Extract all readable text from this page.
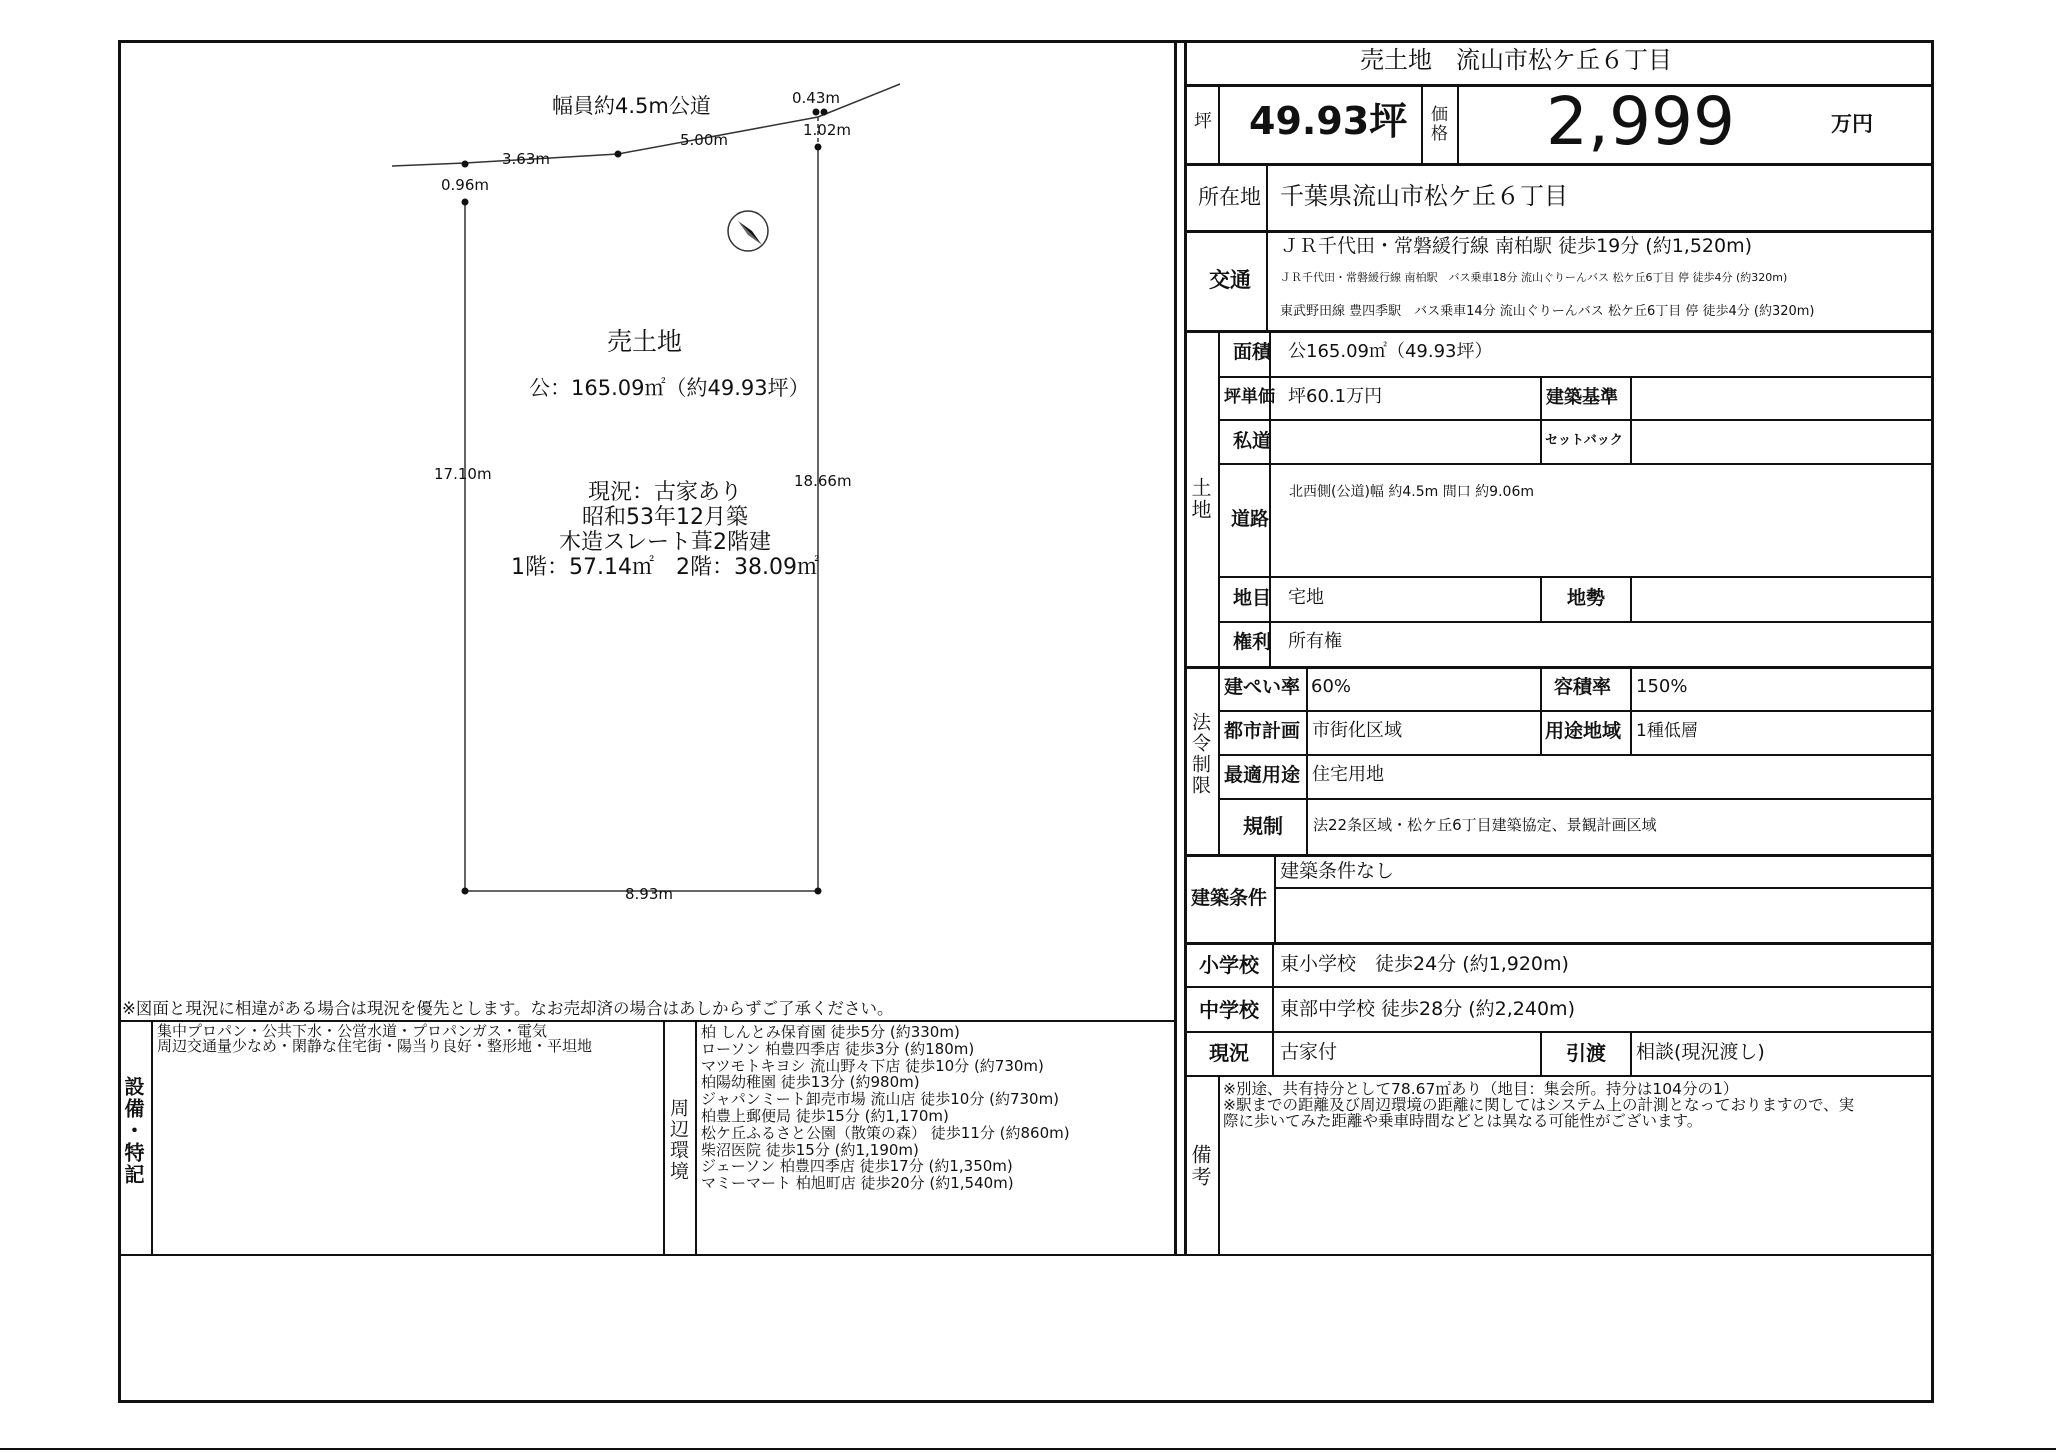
幅員約4.5m公道	0.43m
1.02m
3.63m
5.00m
0.96m
17.10m	18.66m
8.93m
売土地
公：165.09㎡（約49.93坪）
現況：古家あり
昭和53年12月築
木造スレート葺2階建
1階：57.14㎡　2階：38.09㎡
※図面と現況に相違がある場合は現況を優先とします。なお売却済の場合はあしからずご了承ください。
設備・特記
集中プロパン・公共下水・公営水道・プロパンガス・電気
周辺交通量少なめ・閑静な住宅街・陽当り良好・整形地・平坦地
周辺環境
柏 しんとみ保育園 徒歩5分 (約330m)
ローソン 柏豊四季店 徒歩3分 (約180m)
マツモトキヨシ 流山野々下店 徒歩10分 (約730m)
柏陽幼稚園 徒歩13分 (約980m)
ジャパンミート卸売市場 流山店 徒歩10分 (約730m)
柏豊上郵便局 徒歩15分 (約1,170m)
松ケ丘ふるさと公園（散策の森） 徒歩11分 (約860m)
柴沼医院 徒歩15分 (約1,190m)
ジェーソン 柏豊四季店 徒歩17分 (約1,350m)
マミーマート 柏旭町店 徒歩20分 (約1,540m)
売土地　流山市松ケ丘６丁目
坪 49.93坪 価格 2,999	万円
所在地 千葉県流山市松ケ丘６丁目
交通
ＪＲ千代田・常磐緩行線 南柏駅 徒歩19分 (約1,520m)
ＪＲ千代田・常磐緩行線 南柏駅　バス乗車18分 流山ぐりーんバス 松ケ丘6丁目 停 徒歩4分 (約320m)
東武野田線 豊四季駅　バス乗車14分 流山ぐりーんバス 松ケ丘6丁目 停 徒歩4分 (約320m)
土地
面積 公165.09㎡（49.93坪）
坪単価 坪60.1万円	建築基準
私道	セットバック
道路
北西側(公道)幅 約4.5m 間口 約9.06m
地目 宅地	地勢
権利 所有権
法令制限
建ぺい率 60%	容積率 150%
都市計画 市街化区域	用途地域 1種低層
最適用途 住宅用地
規制 法22条区域・松ケ丘6丁目建築協定、景観計画区域
建築条件
建築条件なし
小学校 東小学校　徒歩24分 (約1,920m)
中学校 東部中学校 徒歩28分 (約2,240m)
現況 古家付	引渡 相談(現況渡し)
備考
※別途、共有持分として78.67㎡あり（地目：集会所。持分は104分の1）
※駅までの距離及び周辺環境の距離に関してはシステム上の計測となっておりますので、実
際に歩いてみた距離や乗車時間などとは異なる可能性がございます。
